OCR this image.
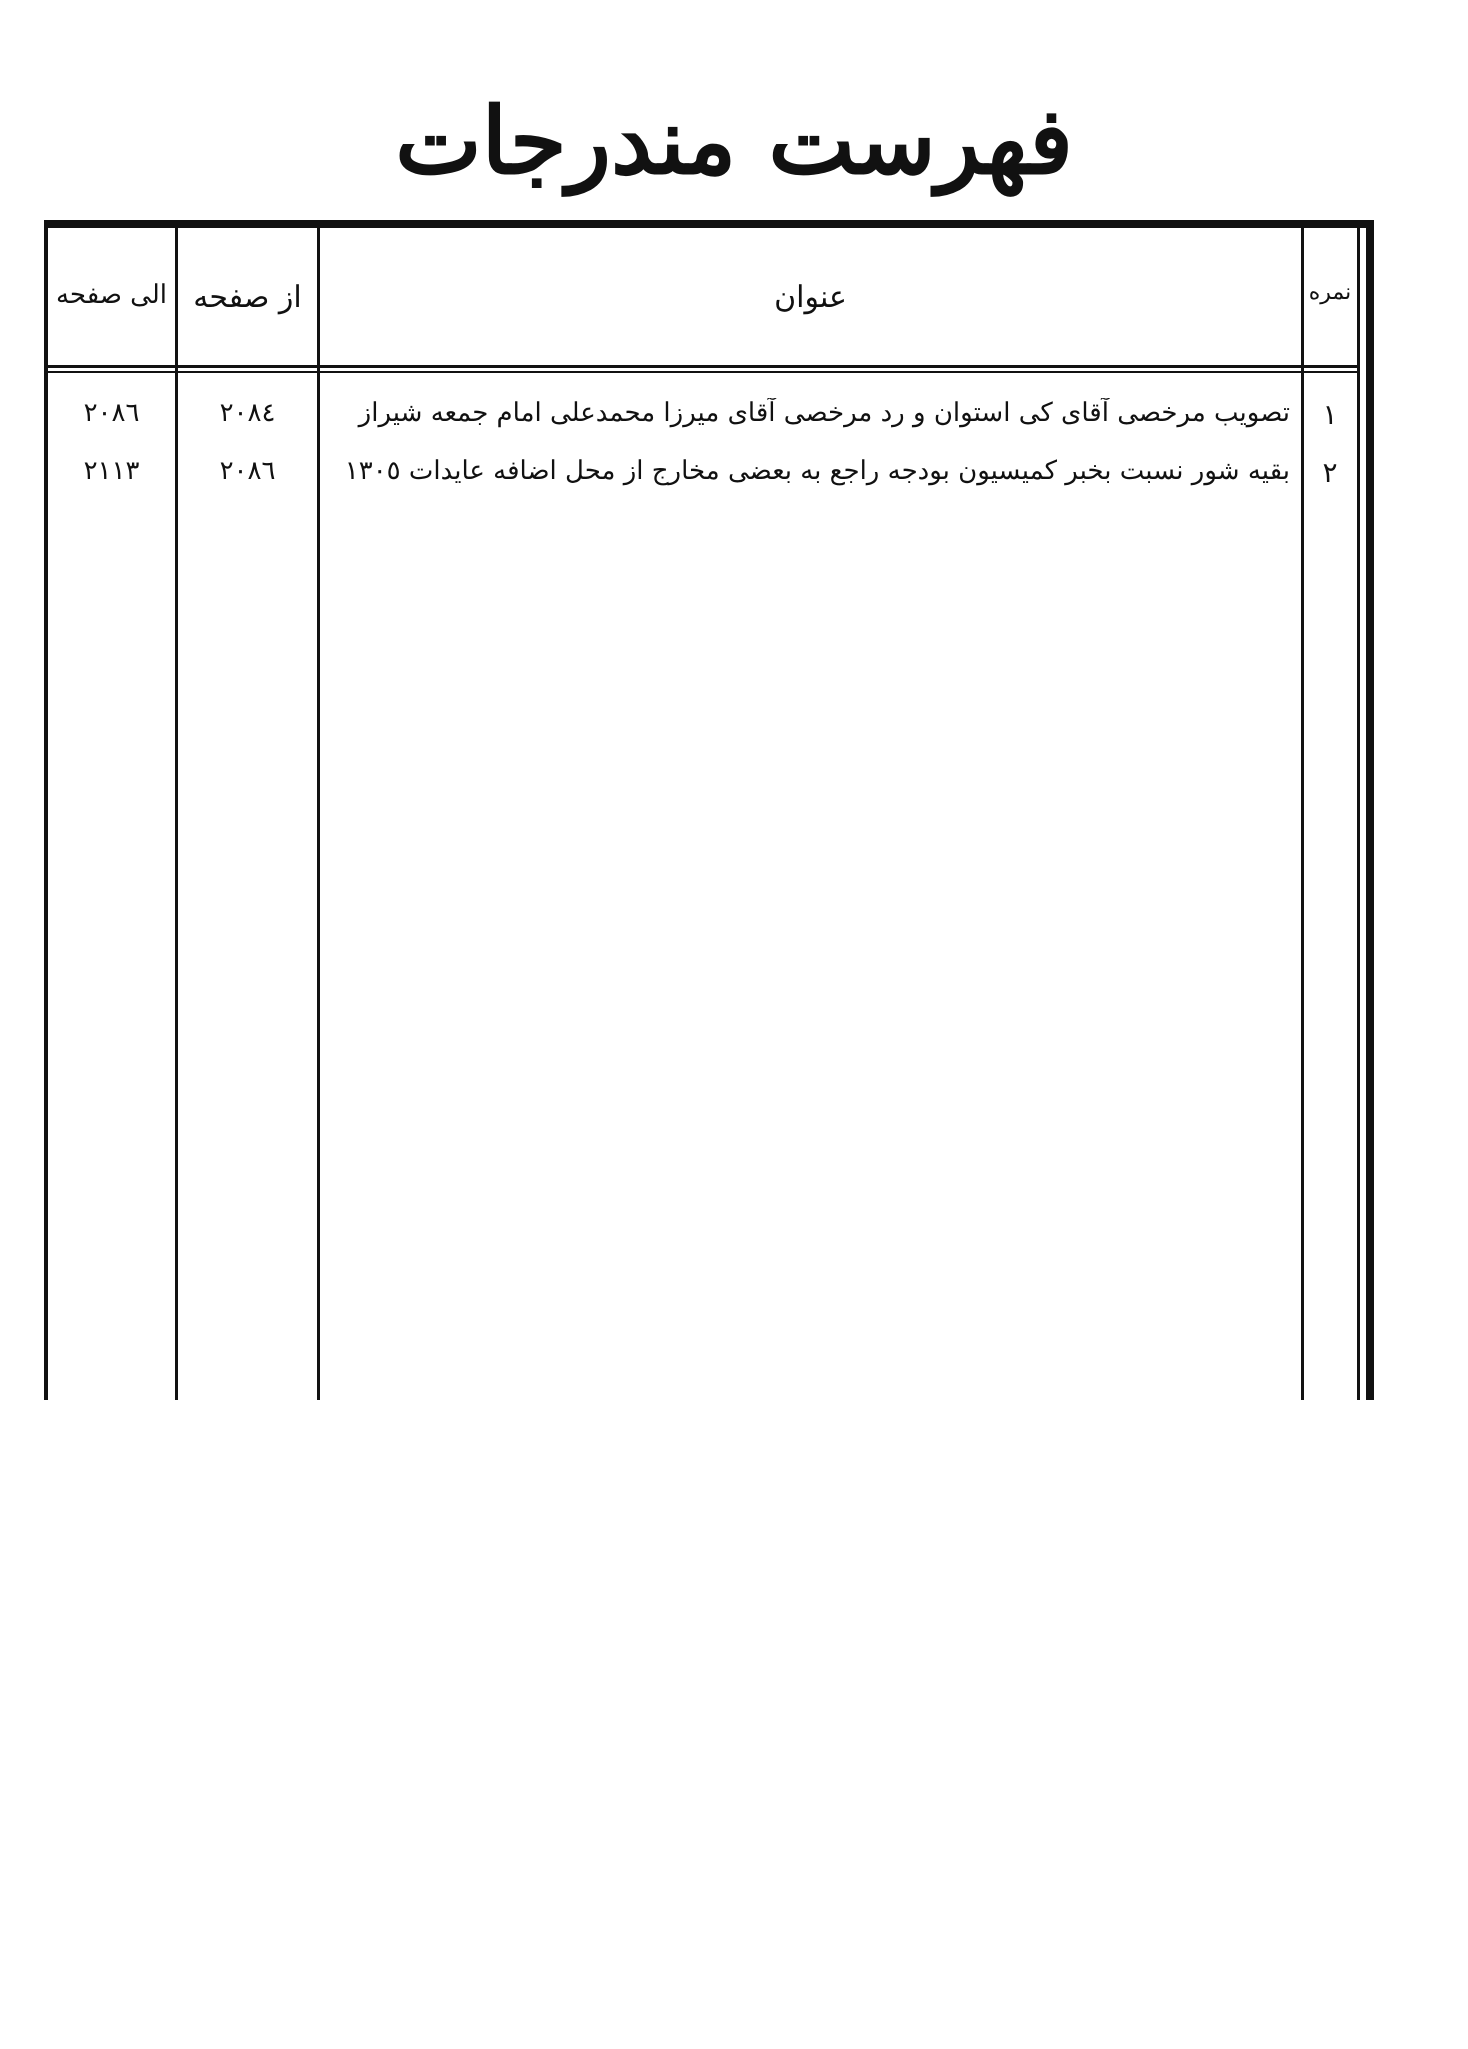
فهرست مندرجات
نمره
عنوان
از صفحه
الی صفحه
١
تصویب مرخصی آقای کی استوان و رد مرخصی آقای میرزا محمدعلی امام جمعه شیراز
٢٠٨٤
٢٠٨٦
٢
بقیه شور نسبت بخبر کمیسیون بودجه راجع به بعضی مخارج از محل اضافه عایدات ١٣٠٥
٢٠٨٦
٢١١٣
